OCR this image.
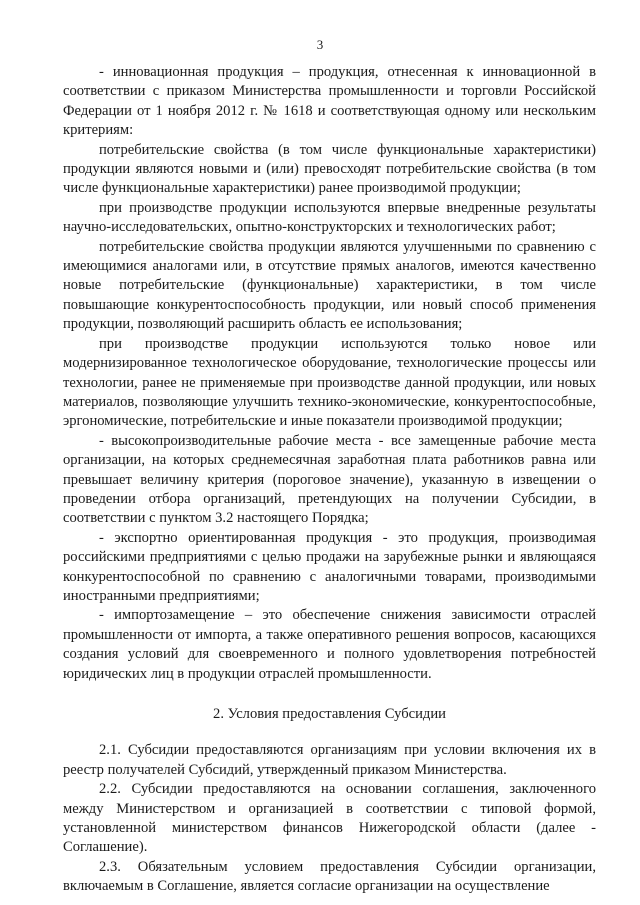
3

- инновационная продукция – продукция, отнесенная к инновационной в соответствии с приказом Министерства промышленности и торговли Российской Федерации от 1 ноября 2012 г. № 1618 и соответствующая одному или нескольким критериям:

потребительские свойства (в том числе функциональные характеристики) продукции являются новыми и (или) превосходят потребительские свойства (в том числе функциональные характеристики) ранее производимой продукции;

при производстве продукции используются впервые внедренные результаты научно-исследовательских, опытно-конструкторских и технологических работ;

потребительские свойства продукции являются улучшенными по сравнению с имеющимися аналогами или, в отсутствие прямых аналогов, имеются качественно новые потребительские (функциональные) характеристики, в том числе повышающие конкурентоспособность продукции, или новый способ применения продукции, позволяющий расширить область ее использования;

при производстве продукции используются только новое или модернизированное технологическое оборудование, технологические процессы или технологии, ранее не применяемые при производстве данной продукции, или новых материалов, позволяющие улучшить технико-экономические, конкурентоспособные, эргономические, потребительские и иные показатели производимой продукции;

- высокопроизводительные рабочие места - все замещенные рабочие места организации, на которых среднемесячная заработная плата работников равна или превышает величину критерия (пороговое значение), указанную в извещении о проведении отбора организаций, претендующих на получении Субсидии, в соответствии с пунктом 3.2 настоящего Порядка;

- экспортно ориентированная продукция - это продукция, производимая российскими предприятиями с целью продажи на зарубежные рынки и являющаяся конкурентоспособной по сравнению с аналогичными товарами, производимыми иностранными предприятиями;

- импортозамещение – это обеспечение снижения зависимости отраслей промышленности от импорта, а также оперативного решения вопросов, касающихся создания условий для своевременного и полного удовлетворения потребностей юридических лиц в продукции отраслей промышленности.

2. Условия предоставления Субсидии

2.1. Субсидии предоставляются организациям при условии включения их в реестр получателей Субсидий, утвержденный приказом Министерства.

2.2. Субсидии предоставляются на основании соглашения, заключенного между Министерством и организацией в соответствии с типовой формой, установленной министерством финансов Нижегородской области (далее - Соглашение).

2.3. Обязательным условием предоставления Субсидии организации, включаемым в Соглашение, является согласие организации на осуществление
